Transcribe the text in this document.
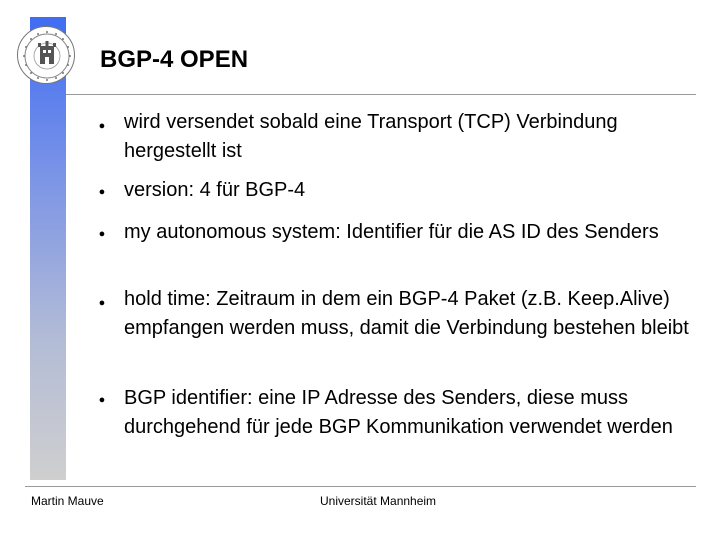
BGP-4 OPEN
●
wird versendet sobald eine Transport (TCP) Verbindung hergestellt ist
●
version: 4 für BGP-4
●
my autonomous system: Identifier für die AS ID des Senders
●
hold time: Zeitraum in dem ein BGP-4 Paket (z.B. Keep.Alive) empfangen werden muss, damit die Verbindung bestehen bleibt
●
BGP identifier: eine IP Adresse des Senders, diese muss durchgehend für jede BGP Kommunikation verwendet werden
Martin Mauve	Universität Mannheim
